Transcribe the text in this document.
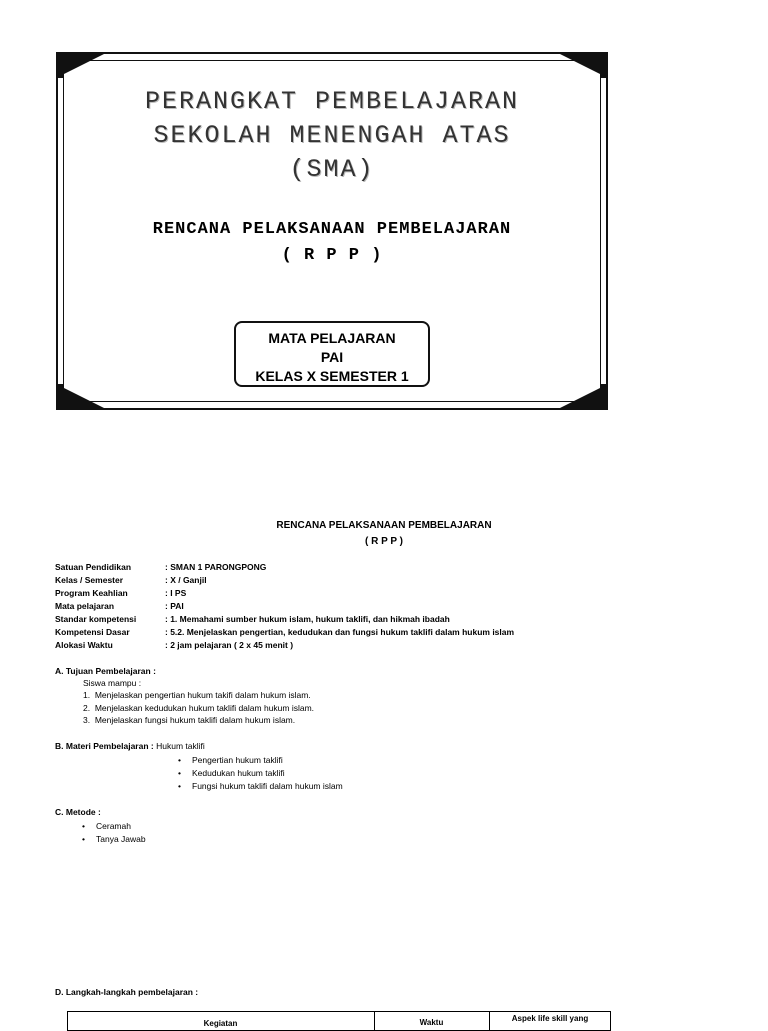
PERANGKAT PEMBELAJARAN
SEKOLAH MENENGAH ATAS
(SMA)
RENCANA PELAKSANAAN PEMBELAJARAN
( R P P )
MATA PELAJARAN
PAI
KELAS X SEMESTER 1
RENCANA PELAKSANAAN PEMBELAJARAN
( R P P )
Satuan Pendidikan	: SMAN 1 PARONGPONG
Kelas / Semester	: X / Ganjil
Program Keahlian	: I PS
Mata pelajaran	: PAI
Standar kompetensi	: 1. Memahami sumber hukum islam, hukum taklifi, dan hikmah ibadah
Kompetensi Dasar	: 5.2. Menjelaskan pengertian, kedudukan dan fungsi hukum taklifi dalam hukum islam
Alokasi Waktu	: 2 jam pelajaran ( 2 x 45 menit )
A. Tujuan Pembelajaran :
Siswa mampu :
1.  Menjelaskan pengertian hukum takifi dalam hukum islam.
2.  Menjelaskan kedudukan hukum taklifi dalam hukum islam.
3.  Menjelaskan fungsi hukum taklifi dalam hukum islam.
B. Materi Pembelajaran : Hukum taklifi
• Pengertian hukum taklifi
• Kedudukan hukum taklifi
• Fungsi hukum taklifi dalam hukum islam
C. Metode :
• Ceramah
• Tanya Jawab
D. Langkah-langkah pembelajaran :
Kegiatan	Waktu	Aspek life skill yang
